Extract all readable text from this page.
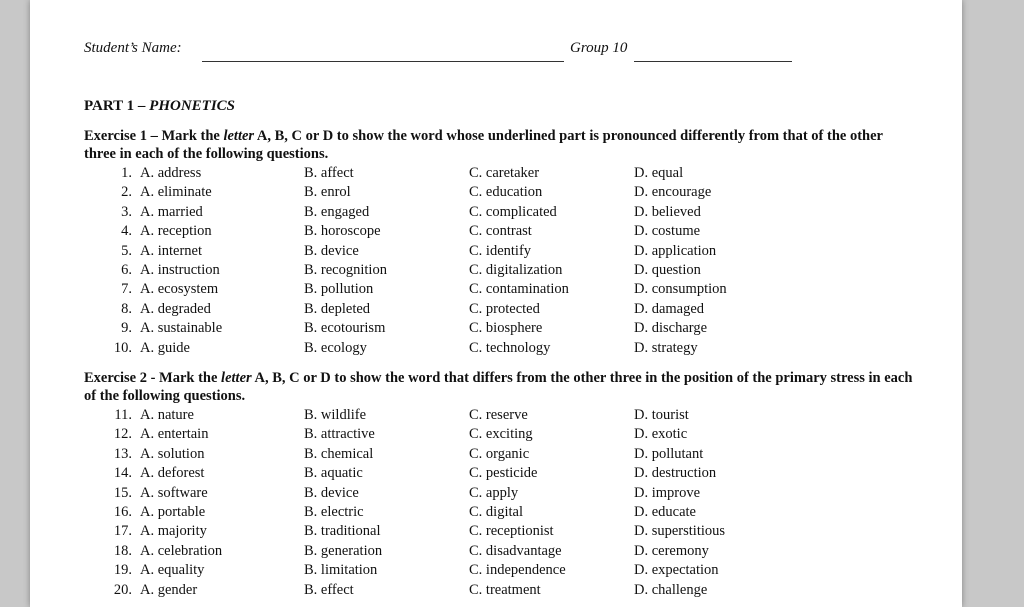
Student’s Name:	Group 10
PART 1 – PHONETICS
Exercise 1 – Mark the letter A, B, C or D to show the word whose underlined part is pronounced differently from that of the other three in each of the following questions.
1. A. address	B. affect	C. caretaker	D. equal
2. A. eliminate	B. enrol	C. education	D. encourage
3. A. married	B. engaged	C. complicated	D. believed
4. A. reception	B. horoscope	C. contrast	D. costume
5. A. internet	B. device	C. identify	D. application
6. A. instruction	B. recognition	C. digitalization	D. question
7. A. ecosystem	B. pollution	C. contamination	D. consumption
8. A. degraded	B. depleted	C. protected	D. damaged
9. A. sustainable	B. ecotourism	C. biosphere	D. discharge
10. A. guide	B. ecology	C. technology	D. strategy
Exercise 2 - Mark the letter A, B, C or D to show the word that differs from the other three in the position of the primary stress in each of the following questions.
11. A. nature	B. wildlife	C. reserve	D. tourist
12. A. entertain	B. attractive	C. exciting	D. exotic
13. A. solution	B. chemical	C. organic	D. pollutant
14. A. deforest	B. aquatic	C. pesticide	D. destruction
15. A. software	B. device	C. apply	D. improve
16. A. portable	B. electric	C. digital	D. educate
17. A. majority	B. traditional	C. receptionist	D. superstitious
18. A. celebration	B. generation	C. disadvantage	D. ceremony
19. A. equality	B. limitation	C. independence	D. expectation
20. A. gender	B. effect	C. treatment	D. challenge
